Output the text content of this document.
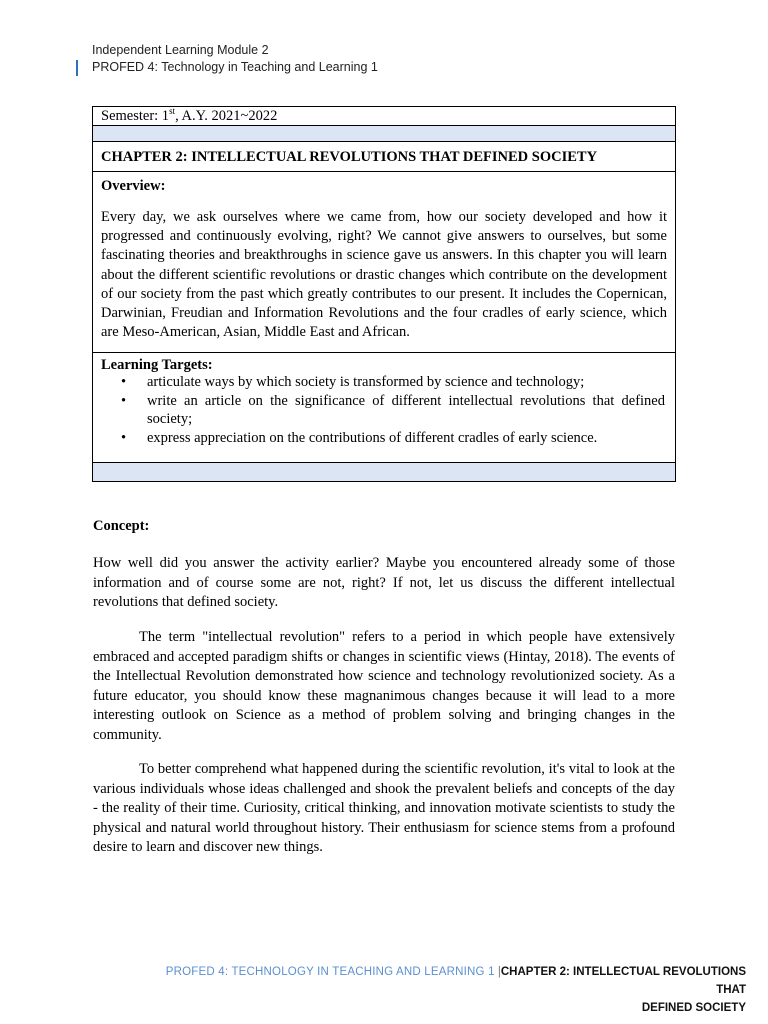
Independent Learning Module 2
PROFED 4: Technology in Teaching and Learning 1
Semester: 1st, A.Y. 2021~2022
CHAPTER 2: INTELLECTUAL REVOLUTIONS THAT DEFINED SOCIETY
Overview:
Every day, we ask ourselves where we came from, how our society developed and how it progressed and continuously evolving, right? We cannot give answers to ourselves, but some fascinating theories and breakthroughs in science gave us answers. In this chapter you will learn about the different scientific revolutions or drastic changes which contribute on the development of our society from the past which greatly contributes to our present. It includes the Copernican, Darwinian, Freudian and Information Revolutions and the four cradles of early science, which are Meso-American, Asian, Middle East and African.
Learning Targets:
• articulate ways by which society is transformed by science and technology;
• write an article on the significance of different intellectual revolutions that defined society;
• express appreciation on the contributions of different cradles of early science.
Concept:
How well did you answer the activity earlier? Maybe you encountered already some of those information and of course some are not, right? If not, let us discuss the different intellectual revolutions that defined society.
The term "intellectual revolution" refers to a period in which people have extensively embraced and accepted paradigm shifts or changes in scientific views (Hintay, 2018). The events of the Intellectual Revolution demonstrated how science and technology revolutionized society. As a future educator, you should know these magnanimous changes because it will lead to a more interesting outlook on Science as a method of problem solving and bringing changes in the community.
To better comprehend what happened during the scientific revolution, it's vital to look at the various individuals whose ideas challenged and shook the prevalent beliefs and concepts of the day - the reality of their time. Curiosity, critical thinking, and innovation motivate scientists to study the physical and natural world throughout history. Their enthusiasm for science stems from a profound desire to learn and discover new things.
PROFED 4: TECHNOLOGY IN TEACHING AND LEARNING 1 |CHAPTER 2: INTELLECTUAL REVOLUTIONS THAT
DEFINED SOCIETY
